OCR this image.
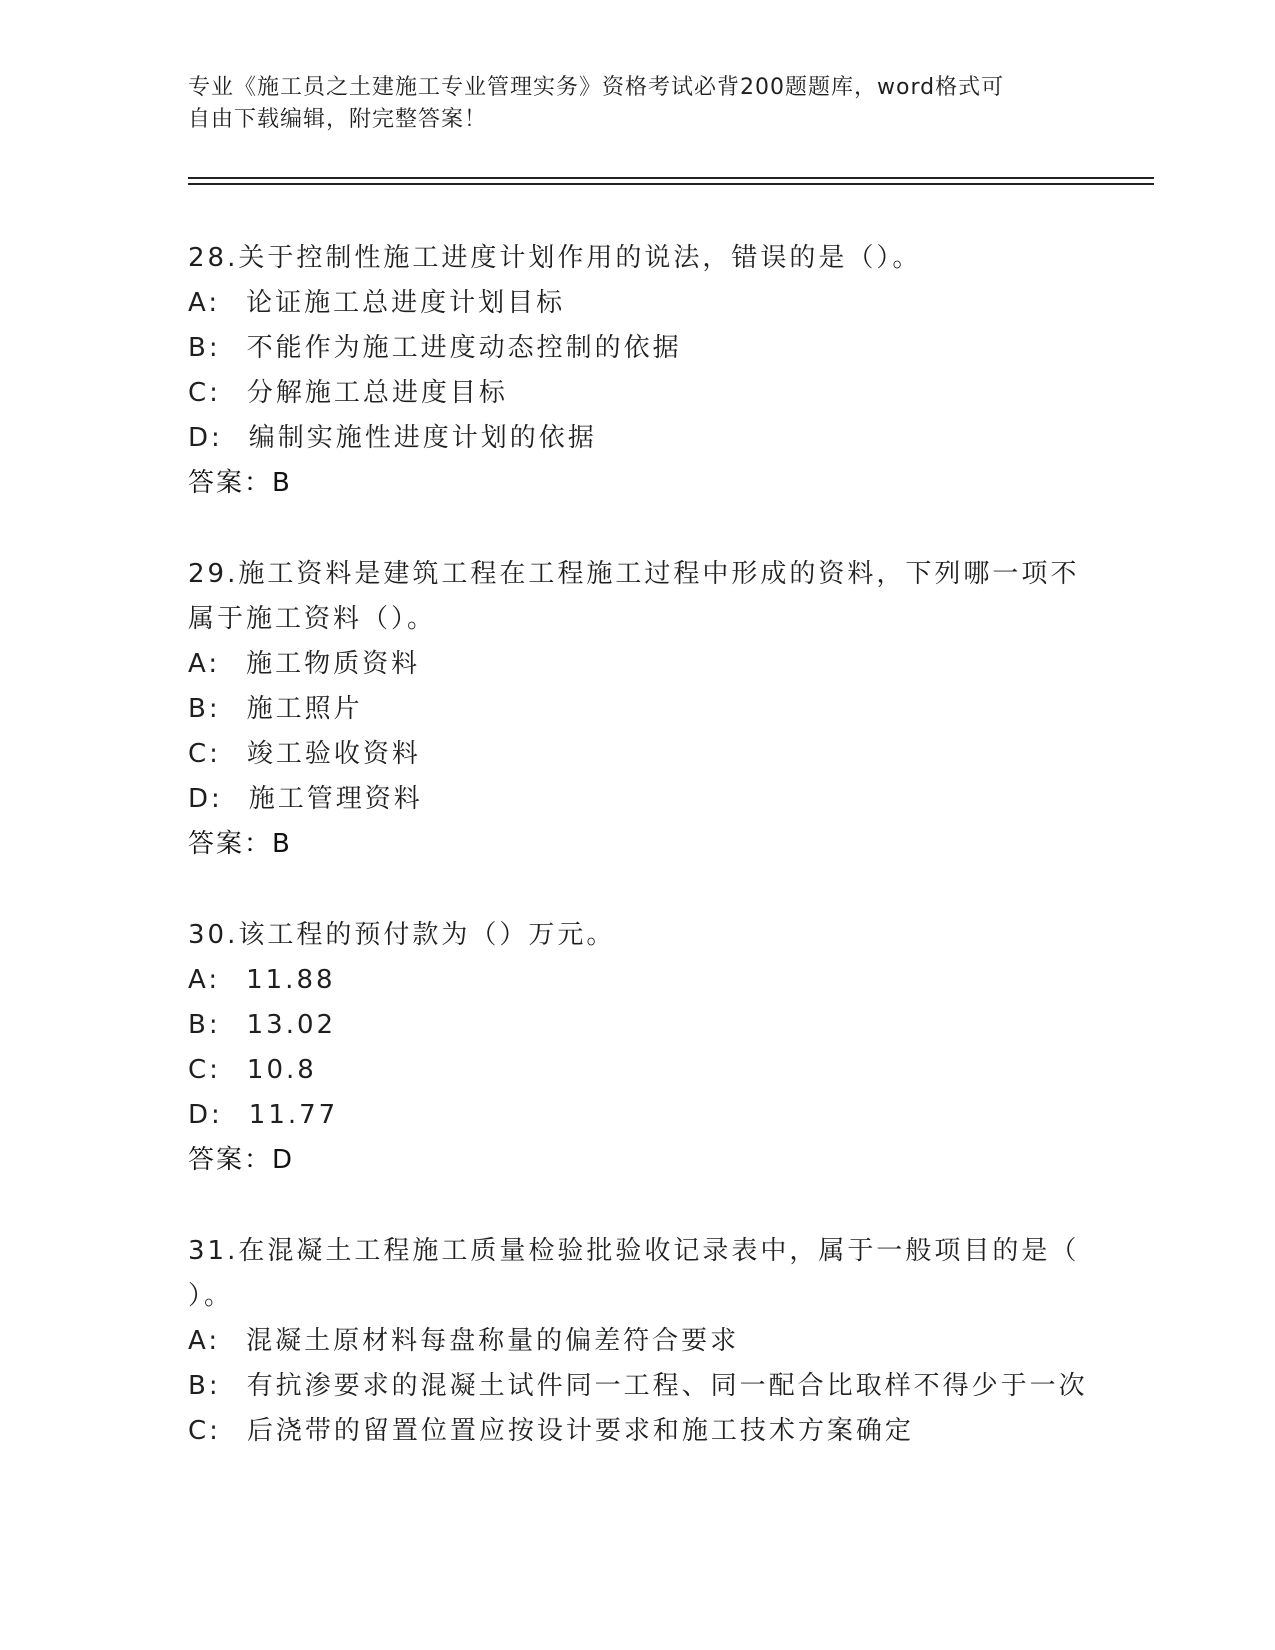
专业《施工员之土建施工专业管理实务》资格考试必背200题题库，word格式可
自由下载编辑，附完整答案！
28.关于控制性施工进度计划作用的说法，错误的是（）。
A: 论证施工总进度计划目标
B: 不能作为施工进度动态控制的依据
C: 分解施工总进度目标
D: 编制实施性进度计划的依据
答案：B
29.施工资料是建筑工程在工程施工过程中形成的资料，下列哪一项不
属于施工资料（）。
A: 施工物质资料
B: 施工照片
C: 竣工验收资料
D: 施工管理资料
答案：B
30.该工程的预付款为（）万元。
A: 11.88
B: 13.02
C: 10.8
D: 11.77
答案：D
31.在混凝土工程施工质量检验批验收记录表中，属于一般项目的是（
）。
A: 混凝土原材料每盘称量的偏差符合要求
B: 有抗渗要求的混凝土试件同一工程、同一配合比取样不得少于一次
C: 后浇带的留置位置应按设计要求和施工技术方案确定
